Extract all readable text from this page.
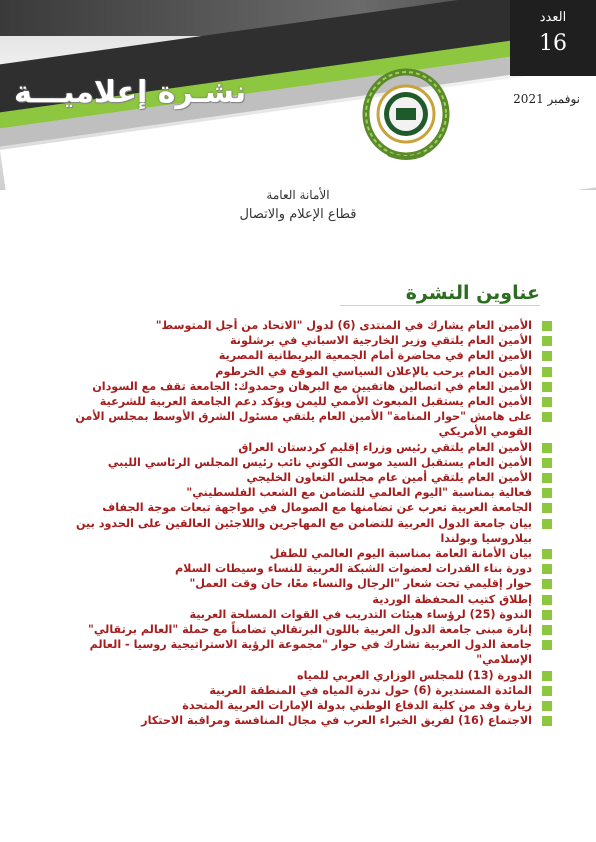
العدد
16
نوفمبر 2021
نشـرة إعلاميـــة
الأمانة العامة
قطاع الإعلام والاتصال
عناوين النشرة
الأمين العام يشارك في المنتدى (6) لدول "الاتحاد من أجل المتوسط"
الأمين العام يلتقي وزير الخارجية الاسباني في برشلونة
الأمين العام في محاضرة أمام الجمعية البريطانية المصرية
الأمين العام يرحب بالإعلان السياسي الموقع في الخرطوم
الأمين العام في اتصالين هاتفيين مع البرهان وحمدوك: الجامعة تقف مع السودان
الأمين العام يستقبل المبعوث الأممي لليمن ويؤكد دعم الجامعة العربية للشرعية
على هامش "حوار المنامة" الأمين العام يلتقي مسئول الشرق الأوسط بمجلس الأمن القومي الأمريكي
الأمين العام يلتقي رئيس وزراء إقليم كردستان العراق
الأمين العام يستقبل السيد موسى الكوني نائب رئيس المجلس الرئاسي الليبي
الأمين العام يلتقي أمين عام مجلس التعاون الخليجي
فعالية بمناسبة "اليوم العالمي للتضامن مع الشعب الفلسطيني"
الجامعة العربية تعرب عن تضامنها مع الصومال في مواجهة تبعات موجة الجفاف
بيان جامعة الدول العربية للتضامن مع المهاجرين واللاجئين العالقين على الحدود بين بيلاروسيا وبولندا
بيان الأمانة العامة بمناسبة اليوم العالمي للطفل
دورة بناء القدرات لعضوات الشبكة العربية للنساء وسيطات السلام
حوار إقليمي تحت شعار "الرجال والنساء معًا، حان وقت العمل"
إطلاق كتيب المحفظة الوردية
الندوة (25) لرؤساء هيئات التدريب في القوات المسلحة العربية
إنارة مبنى جامعة الدول العربية باللون البرتقالي تضامناً مع حملة "العالم برتقالي"
جامعة الدول العربية تشارك في حوار "مجموعة الرؤية الاستراتيجية روسيا - العالم الإسلامي"
الدورة (13) للمجلس الوزاري العربي للمياه
المائدة المستديرة (6) حول ندرة المياه في المنطقة العربية
زيارة وفد من كلية الدفاع الوطني بدولة الإمارات العربية المتحدة
الاجتماع (16) لفريق الخبراء العرب في مجال المنافسة ومراقبة الاحتكار
